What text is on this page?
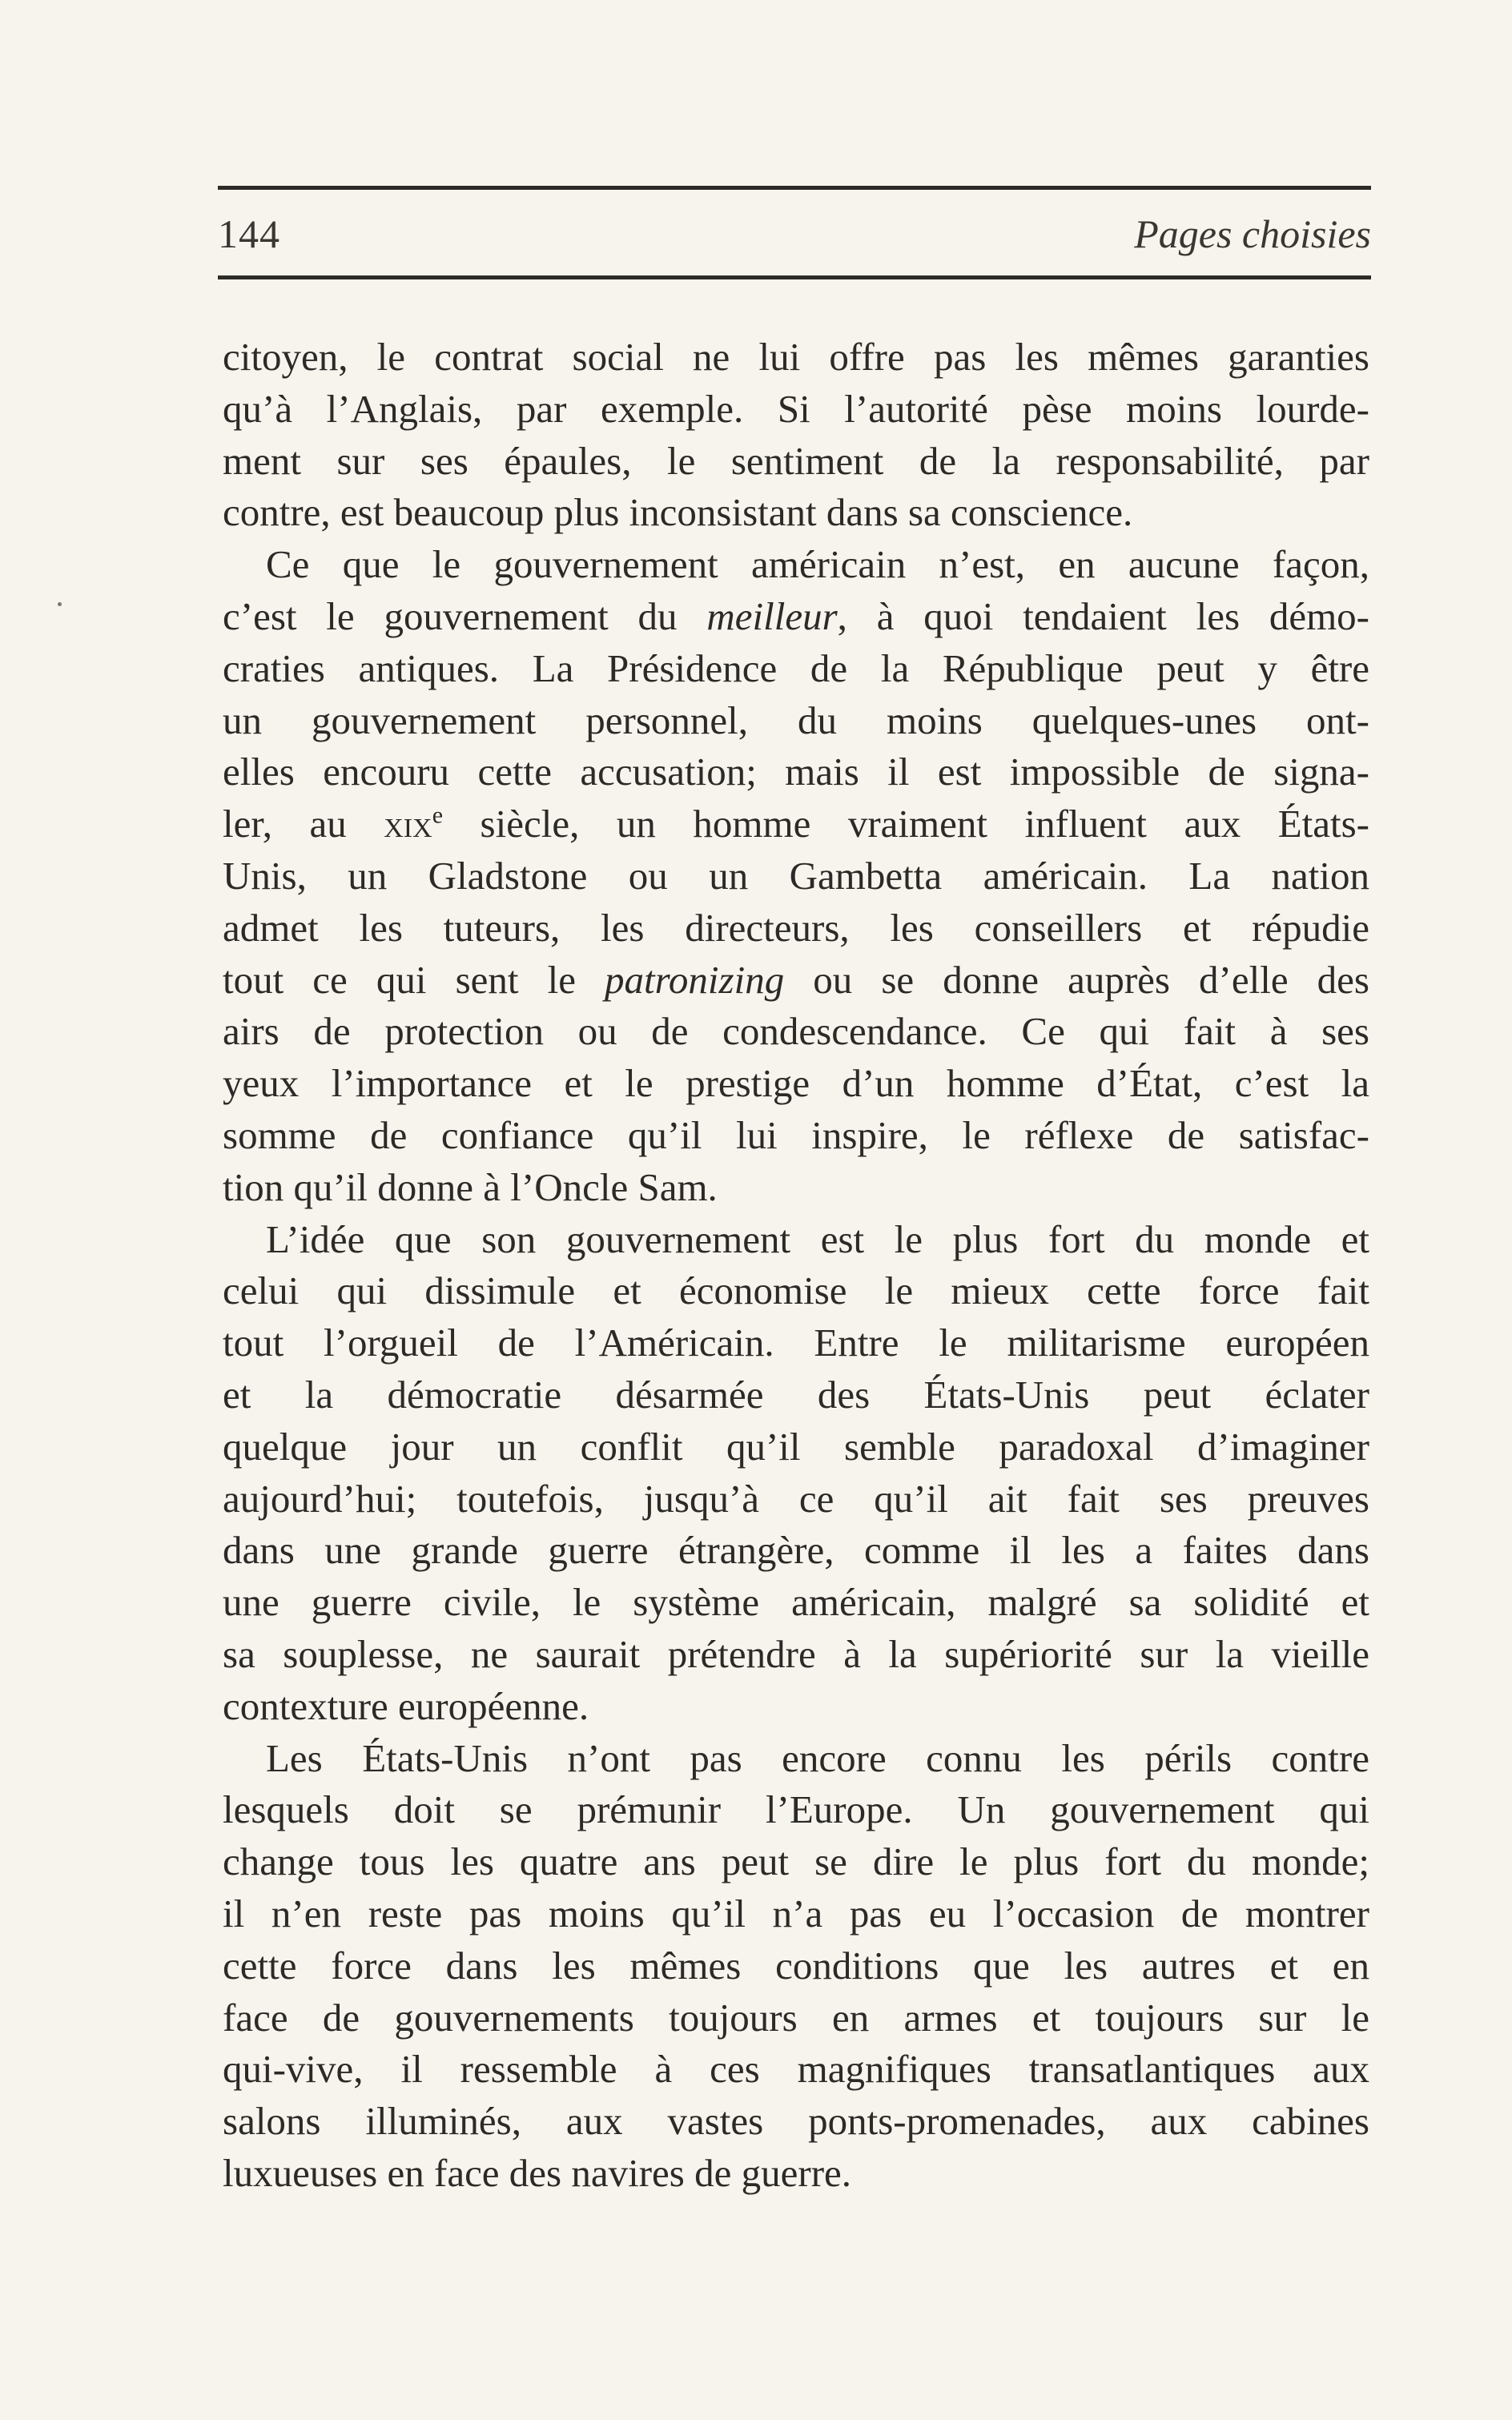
144	Pages choisies
citoyen, le contrat social ne lui offre pas les mêmes garanties
qu’à l’Anglais, par exemple. Si l’autorité pèse moins lourde-
ment sur ses épaules, le sentiment de la responsabilité, par
contre, est beaucoup plus inconsistant dans sa conscience.
Ce que le gouvernement américain n’est, en aucune façon,
c’est le gouvernement du meilleur, à quoi tendaient les démo-
craties antiques. La Présidence de la République peut y être
un gouvernement personnel, du moins quelques-unes ont-
elles encouru cette accusation; mais il est impossible de signa-
ler, au xix$^e$ siècle, un homme vraiment influent aux États-
Unis, un Gladstone ou un Gambetta américain. La nation
admet les tuteurs, les directeurs, les conseillers et répudie
tout ce qui sent le patronizing ou se donne auprès d’elle des
airs de protection ou de condescendance. Ce qui fait à ses
yeux l’importance et le prestige d’un homme d’État, c’est la
somme de confiance qu’il lui inspire, le réflexe de satisfac-
tion qu’il donne à l’Oncle Sam.
L’idée que son gouvernement est le plus fort du monde et
celui qui dissimule et économise le mieux cette force fait
tout l’orgueil de l’Américain. Entre le militarisme européen
et la démocratie désarmée des États-Unis peut éclater
quelque jour un conflit qu’il semble paradoxal d’imaginer
aujourd’hui; toutefois, jusqu’à ce qu’il ait fait ses preuves
dans une grande guerre étrangère, comme il les a faites dans
une guerre civile, le système américain, malgré sa solidité et
sa souplesse, ne saurait prétendre à la supériorité sur la vieille
contexture européenne.
Les États-Unis n’ont pas encore connu les périls contre
lesquels doit se prémunir l’Europe. Un gouvernement qui
change tous les quatre ans peut se dire le plus fort du monde;
il n’en reste pas moins qu’il n’a pas eu l’occasion de montrer
cette force dans les mêmes conditions que les autres et en
face de gouvernements toujours en armes et toujours sur le
qui-vive, il ressemble à ces magnifiques transatlantiques aux
salons illuminés, aux vastes ponts-promenades, aux cabines
luxueuses en face des navires de guerre.
